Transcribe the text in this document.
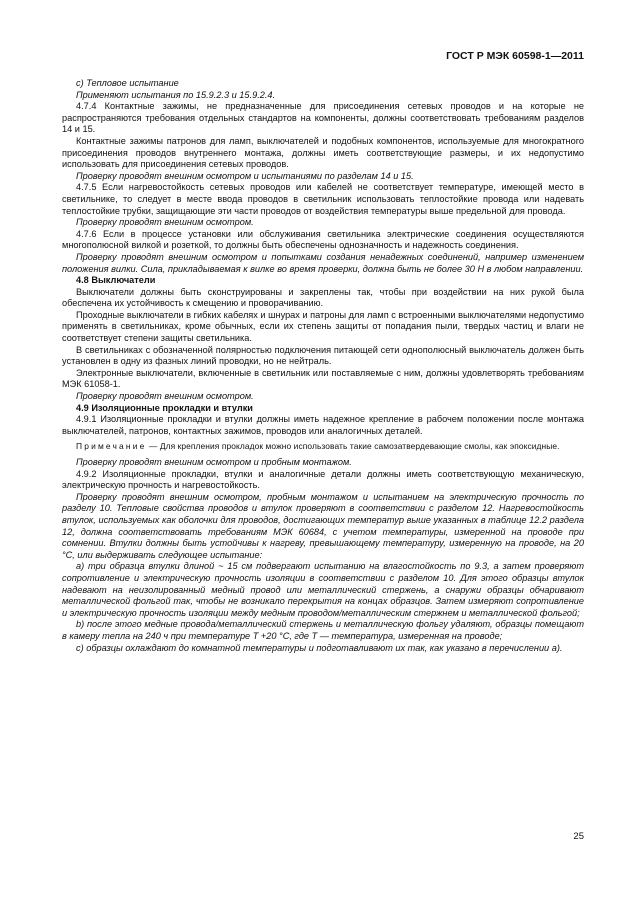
ГОСТ Р МЭК 60598-1—2011

c) Тепловое испытание

Применяют испытания по 15.9.2.3 и 15.9.2.4.

4.7.4 Контактные зажимы, не предназначенные для присоединения сетевых проводов и на которые не распространяются требования отдельных стандартов на компоненты, должны соответствовать требованиям разделов 14 и 15.

Контактные зажимы патронов для ламп, выключателей и подобных компонентов, используемые для многократного присоединения проводов внутреннего монтажа, должны иметь соответствующие размеры, и их недопустимо использовать для присоединения сетевых проводов.

Проверку проводят внешним осмотром и испытаниями по разделам 14 и 15.

4.7.5 Если нагревостойкость сетевых проводов или кабелей не соответствует температуре, имеющей место в светильнике, то следует в месте ввода проводов в светильник использовать теплостойкие провода или надевать теплостойкие трубки, защищающие эти части проводов от воздействия температуры выше предельной для провода.

Проверку проводят внешним осмотром.

4.7.6 Если в процессе установки или обслуживания светильника электрические соединения осуществляются многополюсной вилкой и розеткой, то должны быть обеспечены однозначность и надежность соединения.

Проверку проводят внешним осмотром и попытками создания ненадежных соединений, например изменением положения вилки. Сила, прикладываемая к вилке во время проверки, должна быть не более 30 Н в любом направлении.

4.8 Выключатели

Выключатели должны быть сконструированы и закреплены так, чтобы при воздействии на них рукой была обеспечена их устойчивость к смещению и проворачиванию.

Проходные выключатели в гибких кабелях и шнурах и патроны для ламп с встроенными выключателями недопустимо применять в светильниках, кроме обычных, если их степень защиты от попадания пыли, твердых частиц и влаги не соответствует степени защиты светильника.

В светильниках с обозначенной полярностью подключения питающей сети однополюсный выключатель должен быть установлен в одну из фазных линий проводки, но не нейтраль.

Электронные выключатели, включенные в светильник или поставляемые с ним, должны удовлетворять требованиям МЭК 61058-1.

Проверку проводят внешним осмотром.

4.9 Изоляционные прокладки и втулки

4.9.1 Изоляционные прокладки и втулки должны иметь надежное крепление в рабочем положении после монтажа выключателей, патронов, контактных зажимов, проводов или аналогичных деталей.

Примечание — Для крепления прокладок можно использовать такие самозатвердевающие смолы, как эпоксидные.

Проверку проводят внешним осмотром и пробным монтажом.

4.9.2 Изоляционные прокладки, втулки и аналогичные детали должны иметь соответствующую механическую, электрическую прочность и нагревостойкость.

Проверку проводят внешним осмотром, пробным монтажом и испытанием на электрическую прочность по разделу 10. Тепловые свойства проводов и втулок проверяют в соответствии с разделом 12. Нагревостойкость втулок, используемых как оболочки для проводов, достигающих температур выше указанных в таблице 12.2 раздела 12, должна соответствовать требованиям МЭК 60684, с учетом температуры, измеренной на проводе при сомнении. Втулки должны быть устойчивы к нагреву, превышающему температуру, измеренную на проводе, на 20 °C, или выдерживать следующее испытание:

a) три образца втулки длиной ~ 15 см подвергают испытанию на влагостойкость по 9.3, а затем проверяют сопротивление и электрическую прочность изоляции в соответствии с разделом 10. Для этого образцы втулок надевают на неизолированный медный провод или металлический стержень, а снаружи образцы обчаривают металлической фольгой так, чтобы не возникало перекрытия на концах образцов. Затем измеряют сопротивление и электрическую прочность изоляции между медным проводом/металлическим стержнем и металлической фольгой;

b) после этого медные провода/металлический стержень и металлическую фольгу удаляют, образцы помещают в камеру тепла на 240 ч при температуре T +20 °C, где T — температура, измеренная на проводе;

c) образцы охлаждают до комнатной температуры и подготавливают их так, как указано в перечислении a).

25
